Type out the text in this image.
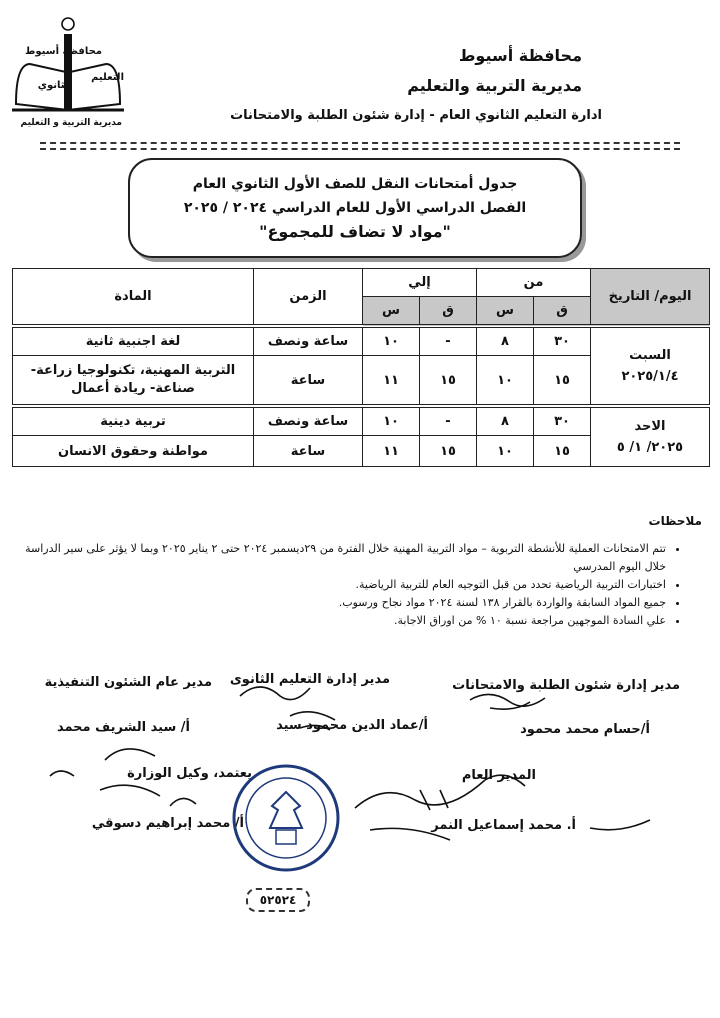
محافظة أسيوط
مديرية التربية والتعليم
ادارة التعليم الثانوي العام - إدارة شئون الطلبة والامتحانات
محافظة أسيوط
التعليم
الثانوي
مديرية التربية و التعليم
جدول أمتحانات النقل للصف الأول الثانوي العام
الفصل الدراسي الأول للعام الدراسي ٢٠٢٤ / ٢٠٢٥
"مواد لا تضاف للمجموع"
اليوم/ التاريخ	من		إلي		الزمن	المادة
	ق	س	ق	س		

السبت
٢٠٢٥/١/٤	٣٠	٨	-	١٠	ساعة ونصف	لغة اجنبية ثانية
	١٥	١٠	١٥	١١	ساعة	التربية المهنية، تكنولوجيا زراعة- صناعة- ريادة أعمال

الاحد
٢٠٢٥/ ١/ ٥	٣٠	٨	-	١٠	ساعة ونصف	تربية دينية
	١٥	١٠	١٥	١١	ساعة	مواطنة وحقوق الانسان
ملاحظات
• تتم الامتحانات العملية للأنشطة التربوية – مواد التربية المهنية خلال الفترة من ٢٩ديسمبر ٢٠٢٤ حتى ٢ يناير ٢٠٢٥ وبما لا يؤثر على سير الدراسة خلال اليوم المدرسي
• اختبارات التربية الرياضية تحدد من قبل التوجيه العام للتربية الرياضية.
• جميع المواد السابقة والواردة بالقرار ١٣٨ لسنة ٢٠٢٤ مواد نجاح ورسوب.
• علي السادة الموجهين مراجعة نسبة ١٠ % من اوراق الاجابة.
مدير إدارة شئون الطلبة والامتحانات
أ/حسام محمد محمود
مدير إدارة التعليم الثانوى
أ/عماد الدين محمود سيد
مدير عام الشئون التنفيذية
أ/ سيد الشريف محمد
المدير العام
أ. محمد إسماعيل النمر
يعتمد، وكيل الوزارة
أ/ محمد إبراهيم دسوقي
٥٢٥٢٤
